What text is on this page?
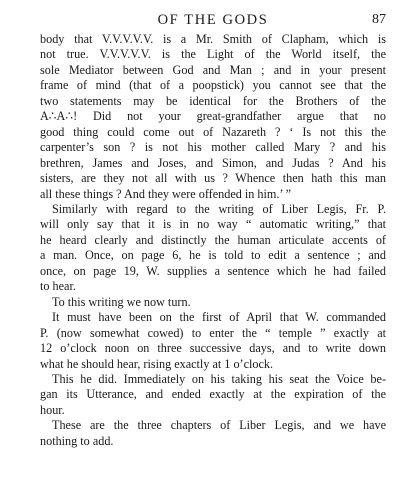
OF THE GODS	87

body that V.V.V.V.V. is a Mr. Smith of Clapham, which is
not true. V.V.V.V.V. is the Light of the World itself, the
sole Mediator between God and Man ; and in your present
frame of mind (that of a poopstick) you cannot see that the
two statements may be identical for the Brothers of the
A∴A∴! Did not your great-grandfather argue that no
good thing could come out of Nazareth ? ‘ Is not this the
carpenter’s son ? is not his mother called Mary ? and his
brethren, James and Joses, and Simon, and Judas ? And his
sisters, are they not all with us ? Whence then hath this man
all these things ? And they were offended in him.’ ”

Similarly with regard to the writing of Liber Legis, Fr. P.
will only say that it is in no way “ automatic writing,” that
he heard clearly and distinctly the human articulate accents of
a man. Once, on page 6, he is told to edit a sentence ; and
once, on page 19, W. supplies a sentence which he had failed
to hear.

To this writing we now turn.

It must have been on the first of April that W. commanded
P. (now somewhat cowed) to enter the “ temple ” exactly at
12 o’clock noon on three successive days, and to write down
what he should hear, rising exactly at 1 o’clock.

This he did. Immediately on his taking his seat the Voice be-
gan its Utterance, and ended exactly at the expiration of the
hour.

These are the three chapters of Liber Legis, and we have
nothing to add.
